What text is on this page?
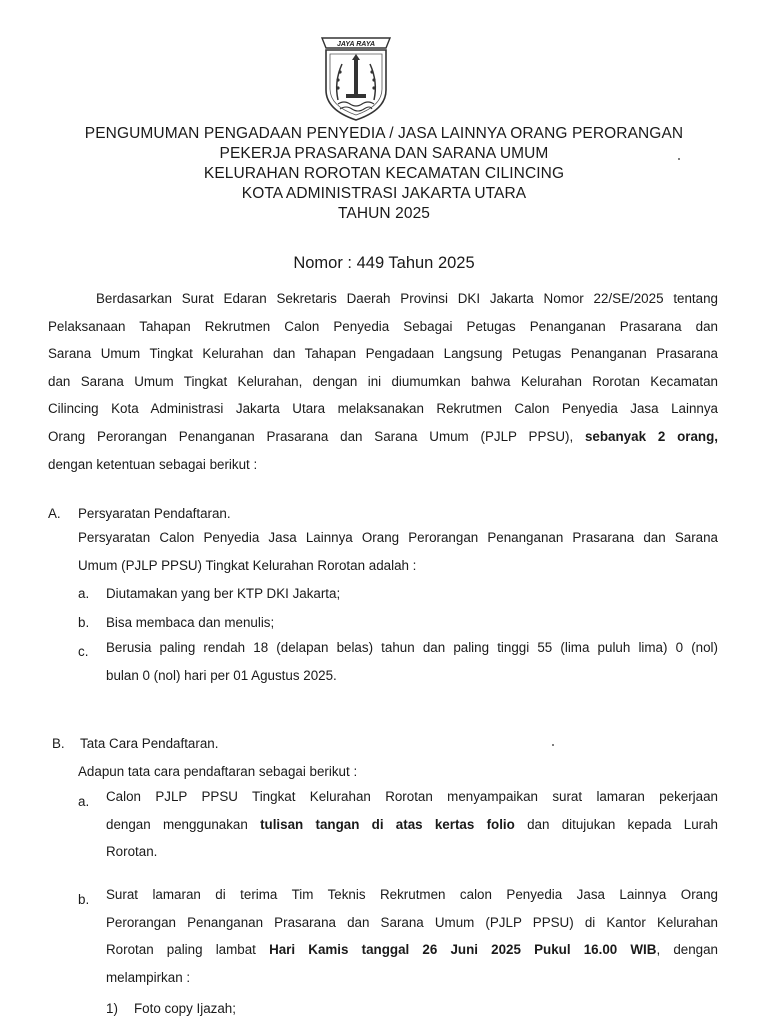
JAYA RAYA
PENGUMUMAN PENGADAAN PENYEDIA / JASA LAINNYA ORANG PERORANGAN
PEKERJA PRASARANA DAN SARANA UMUM
KELURAHAN ROROTAN KECAMATAN CILINCING
KOTA ADMINISTRASI JAKARTA UTARA
TAHUN 2025
Nomor : 449 Tahun 2025
Berdasarkan Surat Edaran Sekretaris Daerah Provinsi DKI Jakarta Nomor 22/SE/2025 tentang
Pelaksanaan Tahapan Rekrutmen Calon Penyedia Sebagai Petugas Penanganan Prasarana dan
Sarana Umum Tingkat Kelurahan dan Tahapan Pengadaan Langsung Petugas Penanganan Prasarana
dan Sarana Umum Tingkat Kelurahan, dengan ini diumumkan bahwa Kelurahan Rorotan Kecamatan
Cilincing Kota Administrasi Jakarta Utara melaksanakan Rekrutmen Calon Penyedia Jasa Lainnya
Orang Perorangan Penanganan Prasarana dan Sarana Umum (PJLP PPSU), sebanyak 2 orang,
dengan ketentuan sebagai berikut :
A. Persyaratan Pendaftaran.
Persyaratan Calon Penyedia Jasa Lainnya Orang Perorangan Penanganan Prasarana dan Sarana
Umum (PJLP PPSU) Tingkat Kelurahan Rorotan adalah :
a. Diutamakan yang ber KTP DKI Jakarta;
b. Bisa membaca dan menulis;
c. Berusia paling rendah 18 (delapan belas) tahun dan paling tinggi 55 (lima puluh lima) 0 (nol)
bulan 0 (nol) hari per 01 Agustus 2025.
B. Tata Cara Pendaftaran.
Adapun tata cara pendaftaran sebagai berikut :
a. Calon PJLP PPSU Tingkat Kelurahan Rorotan menyampaikan surat lamaran pekerjaan
dengan menggunakan tulisan tangan di atas kertas folio dan ditujukan kepada Lurah
Rorotan.
b. Surat lamaran di terima Tim Teknis Rekrutmen calon Penyedia Jasa Lainnya Orang
Perorangan Penanganan Prasarana dan Sarana Umum (PJLP PPSU) di Kantor Kelurahan
Rorotan paling lambat Hari Kamis tanggal 26 Juni 2025 Pukul 16.00 WIB, dengan
melampirkan :
1) Foto copy Ijazah;
